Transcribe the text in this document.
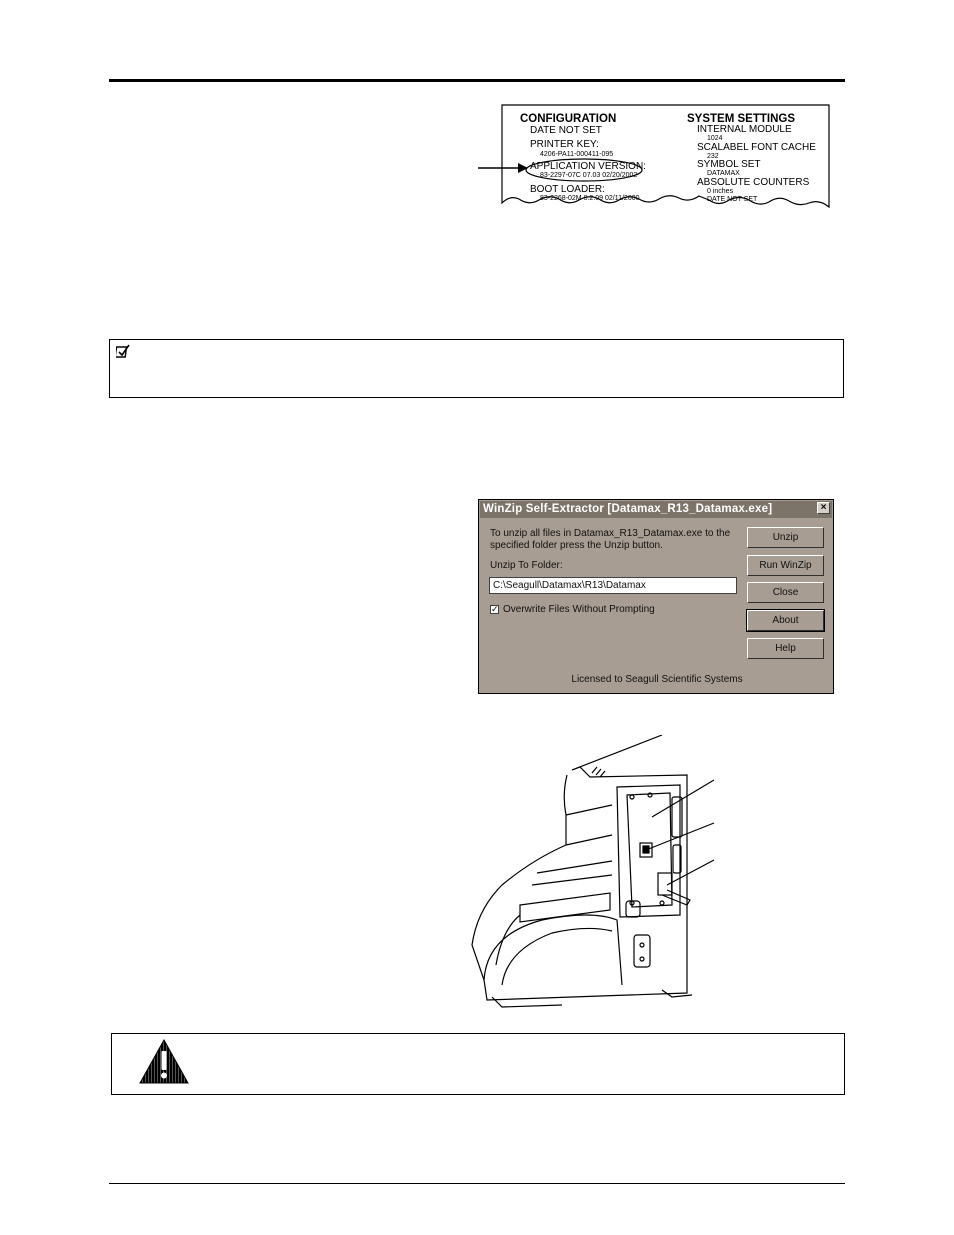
CONFIGURATION
DATE NOT SET
PRINTER KEY:
4206-PA11-000411-095
APPLICATION VERSION:
83-2297-07C 07.03 02/20/2002
BOOT LOADER:
83-2268-02M 0.2.09 02/11/2000
SYSTEM SETTINGS
INTERNAL MODULE
1024
SCALABEL FONT CACHE
232
SYMBOL SET
DATAMAX
ABSOLUTE COUNTERS
0 inches
DATE NOT SET
WinZip Self-Extractor [Datamax_R13_Datamax.exe]	×
To unzip all files in Datamax_R13_Datamax.exe to the
specified folder press the Unzip button.
Unzip To Folder:
C:\Seagull\Datamax\R13\Datamax
✓ Overwrite Files Without Prompting
Unzip
Run WinZip
Close
About
Help
Licensed to Seagull Scientific Systems
